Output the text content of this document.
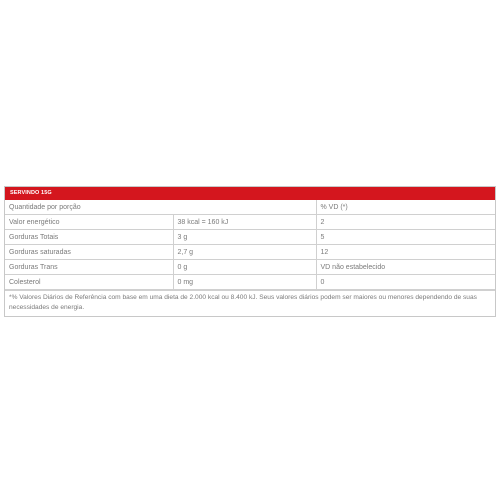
SERVINDO 15G
Quantidade por porção		% VD (*)
Valor energético	38 kcal = 160 kJ	2
Gorduras Totais	3 g	5
Gorduras saturadas	2,7 g	12
Gorduras Trans	0 g	VD não estabelecido
Colesterol	0 mg	0
*% Valores Diários de Referência com base em uma dieta de 2.000 kcal ou 8.400 kJ. Seus valores diários podem ser maiores ou menores dependendo de suas necessidades de energia.
